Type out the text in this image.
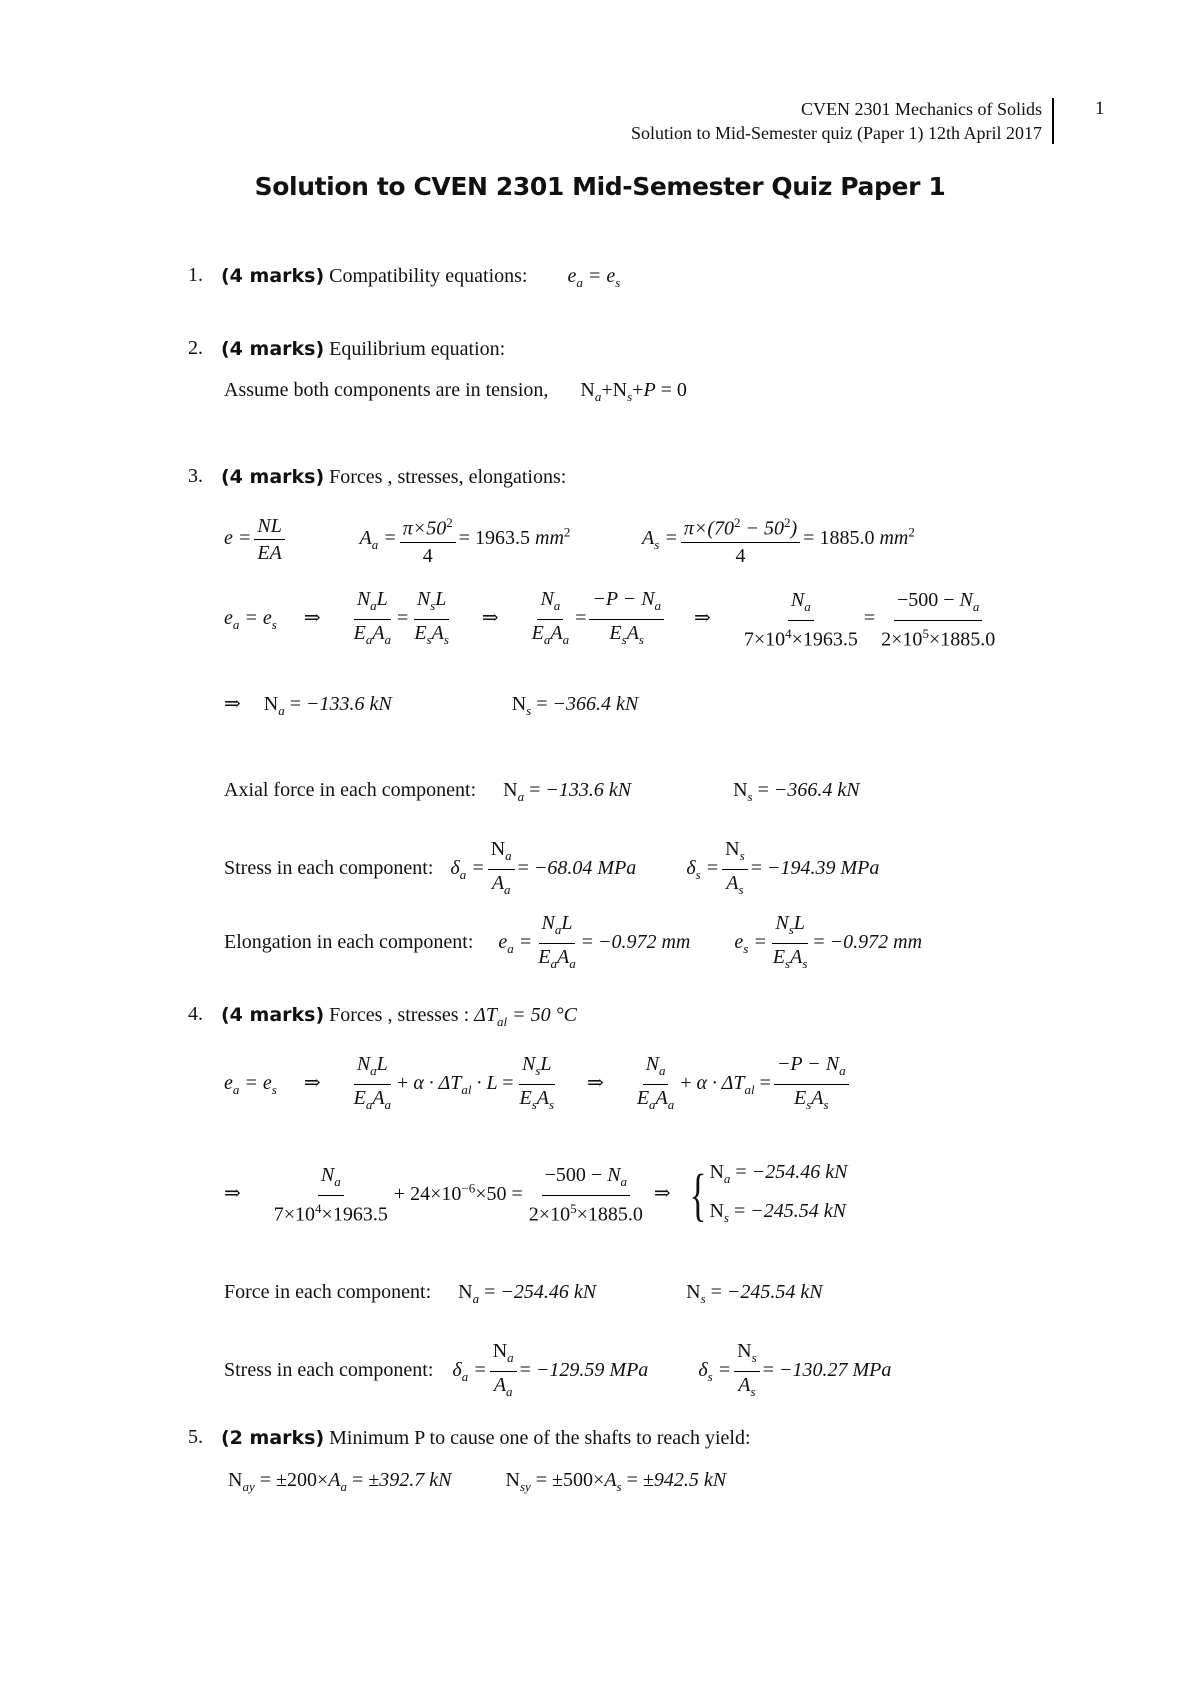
CVEN 2301 Mechanics of Solids
Solution to Mid-Semester quiz (Paper 1) 12th April 2017
1
Solution to CVEN 2301 Mid-Semester Quiz Paper 1
1. (4 marks) Compatibility equations: $e_a = e_s$
2. (4 marks) Equilibrium equation:
Assume both components are in tension, $N_a+N_s+P = 0$
3. (4 marks) Forces , stresses, elongations:
$e = \frac{NL}{EA}$	$A_a = \frac{\pi\times 50^2}{4} = 1963.5$ $mm^2$	$A_s = \frac{\pi\times(70^2 - 50^2)}{4} = 1885.0$ $mm^2$
$e_a = e_s$ ⇒ $\frac{N_aL}{E_aA_a} = \frac{N_sL}{E_sA_s}$ ⇒ $\frac{N_a}{E_aA_a} = \frac{-P - N_a}{E_sA_s}$ ⇒ $\frac{N_a}{7\times 10^4\times 1963.5} = \frac{-500 - N_a}{2\times 10^5\times 1885.0}$
⇒ $N_a = -133.6$ kN	$N_s = -366.4$ kN
Axial force in each component: $N_a = -133.6$ kN	$N_s = -366.4$ kN
Stress in each component: $\delta_a = \frac{N_a}{A_a} = -68.04$ MPa	$\delta_s = \frac{N_s}{A_s} = -194.39$ MPa
Elongation in each component: $e_a = \frac{N_aL}{E_aA_a} = -0.972$ mm $e_s = \frac{N_sL}{E_sA_s} = -0.972$ mm
4. (4 marks) Forces , stresses : $\Delta T_{al} = 50$ °C
$e_a = e_s$ ⇒ $\frac{N_aL}{E_aA_a} + \alpha \cdot \Delta T_{al} \cdot L = \frac{N_sL}{E_sA_s}$ ⇒ $\frac{N_a}{E_aA_a} + \alpha \cdot \Delta T_{al} = \frac{-P - N_a}{E_sA_s}$
⇒ $\frac{N_a}{7\times 10^4\times 1963.5} + 24\times 10^{-6}\times 50 = \frac{-500 - N_a}{2\times 10^5\times 1885.0}$ ⇒ { $N_a = -254.46$ kN
$N_s = -245.54$ kN
Force in each component: $N_a = -254.46$ kN	$N_s = -245.54$ kN
Stress in each component: $\delta_a = \frac{N_a}{A_a} = -129.59$ MPa	$\delta_s = \frac{N_s}{A_s} = -130.27$ MPa
5. (2 marks) Minimum P to cause one of the shafts to reach yield:
$N_{ay} = \pm 200\times A_a = \pm 392.7$ kN	$N_{sy} = \pm 500\times A_s = \pm 942.5$ kN
